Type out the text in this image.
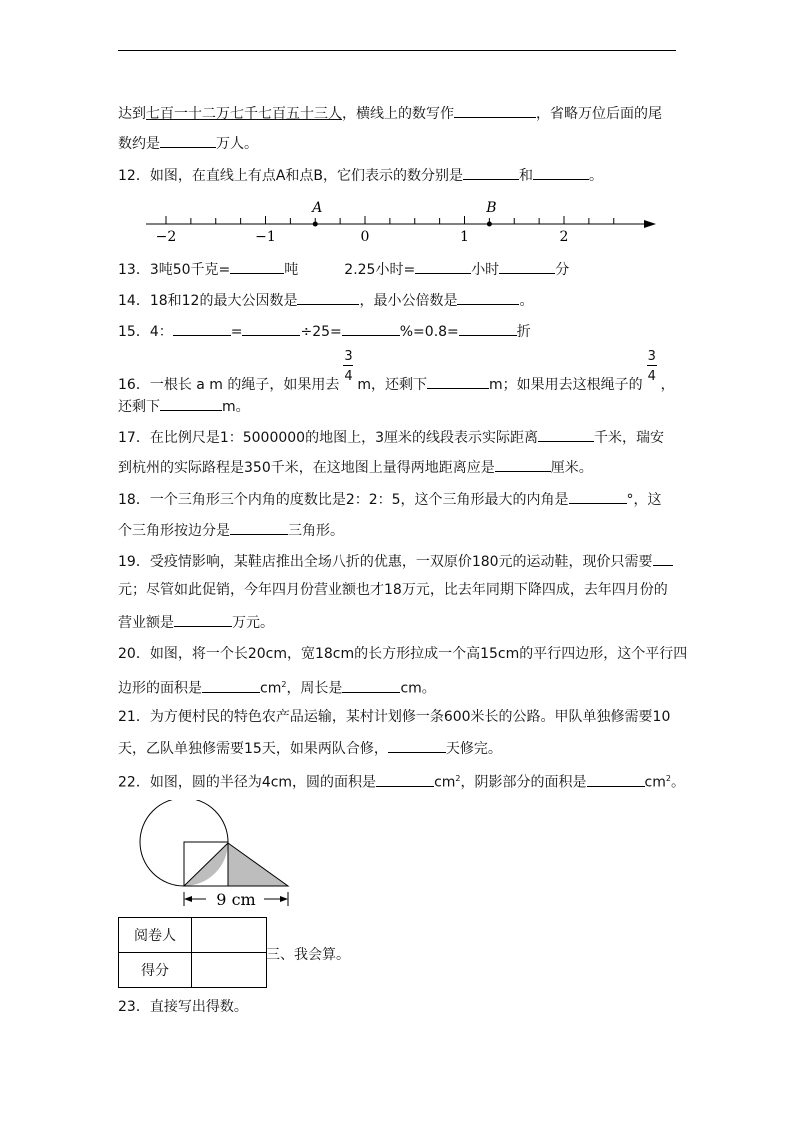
达到七百一十二万七千七百五十三人，横线上的数写作	，省略万位后面的尾
数约是	万人。
12．如图，在直线上有点A和点B，它们表示的数分别是	和	。
−2	−1	0	1	2
A	B
13．3吨50千克=	吨	2.25小时=	小时	分
14．18和12的最大公因数是	，最小公倍数是	。
15．4：	=	÷25=	%=0.8=	折
16．一根长 a m 的绳子，如果用去 $\frac{3}{4}$ m，还剩下	m；如果用去这根绳子的 $\frac{3}{4}$ ，
还剩下	m。
17．在比例尺是1：5000000的地图上，3厘米的线段表示实际距离	千米，瑞安
到杭州的实际路程是350千米，在这地图上量得两地距离应是	厘米。
18．一个三角形三个内角的度数比是2：2：5，这个三角形最大的内角是	°，这
个三角形按边分是	三角形。
19．受疫情影响，某鞋店推出全场八折的优惠，一双原价180元的运动鞋，现价只需要
元；尽管如此促销，今年四月份营业额也才18万元，比去年同期下降四成，去年四月份的
营业额是	万元。
20．如图，将一个长20cm，宽18cm的长方形拉成一个高15cm的平行四边形，这个平行四
边形的面积是	$cm^2$，周长是	cm。
21．为方便村民的特色农产品运输，某村计划修一条600米长的公路。甲队单独修需要10
天，乙队单独修需要15天，如果两队合修，	天修完。
22．如图，圆的半径为4cm，圆的面积是	$cm^2$，阴影部分的面积是	$cm^2$。
9 cm
阅卷人	
得分	
三、我会算。
23．直接写出得数。
